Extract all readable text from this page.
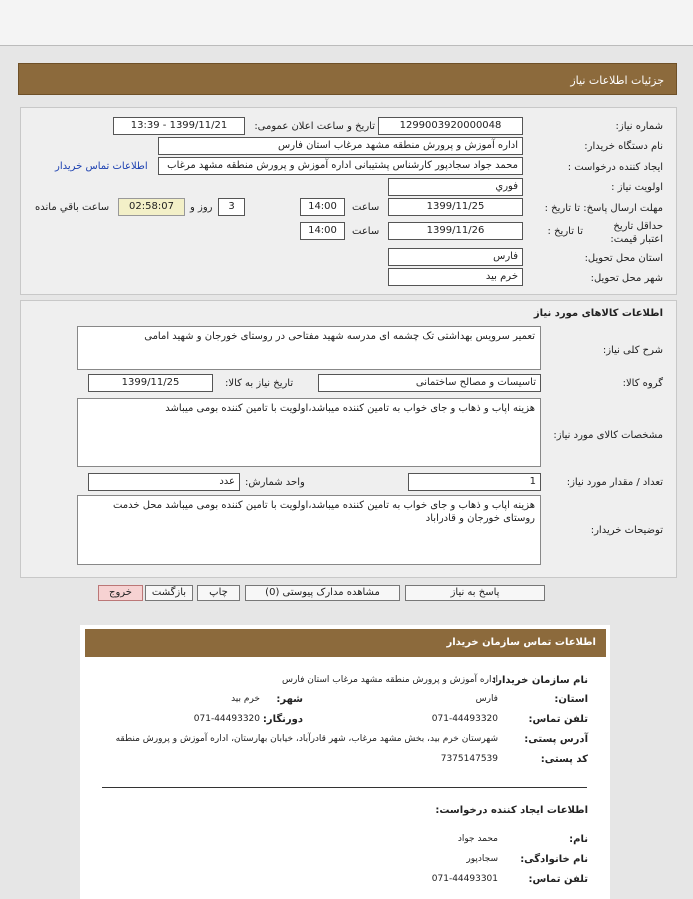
جزئیات اطلاعات نیاز
شماره نیاز:
1299003920000048
تاریخ و ساعت اعلان عمومی:
1399/11/21 - 13:39
نام دستگاه خریدار:
اداره آموزش و پرورش منطقه مشهد مرغاب استان فارس
ایجاد کننده درخواست :
محمد جواد سجادپور کارشناس پشتیبانی اداره آموزش و پرورش منطقه مشهد مرغاب
اطلاعات تماس خریدار
اولویت نیاز :
فوري
مهلت ارسال پاسخ: تا تاریخ :
1399/11/25
ساعت
14:00
3
روز و
02:58:07
ساعت باقي مانده
حداقل تاریخ اعتبار قیمت:
تا تاریخ :
1399/11/26
ساعت
14:00
استان محل تحویل:
فارس
شهر محل تحویل:
خرم بید
اطلاعات کالاهای مورد نیاز
شرح کلی نیاز:
تعمیر سرویس بهداشتی تک چشمه ای مدرسه شهید مفتاحی در روستای خورجان و شهید امامی
گروه کالا:
تاسیسات و مصالح ساختمانی
تاریخ نیاز به کالا:
1399/11/25
مشخصات کالای مورد نیاز:
هزینه اپاب و ذهاب و جای خواب به تامین کننده میباشد،اولویت با تامین کننده بومی میباشد
تعداد / مقدار مورد نیاز:
1
واحد شمارش:
عدد
توضیحات خریدار:
هزینه اپاب و ذهاب و جای خواب به تامین کننده میباشد،اولویت با تامین کننده بومی میباشد محل خدمت روستای خورجان و قادراباد
پاسخ به نیاز
مشاهده مدارک پیوستی (0)
چاپ
بازگشت
خروج
اطلاعات تماس سازمان خریدار
نام سازمان خریدار:
اداره آموزش و پرورش منطقه مشهد مرغاب استان فارس
استان:
فارس
شهر:
خرم بید
تلفن تماس:
071-44493320
دورنگار:
071-44493320
آدرس پستی:
شهرستان خرم بید، بخش مشهد مرغاب، شهر قادرآباد، خیابان بهارستان، اداره آموزش و پرورش منطقه
کد پستی:
7375147539
اطلاعات ایجاد کننده درخواست:
نام:
محمد جواد
نام خانوادگی:
سجادپور
تلفن تماس:
071-44493301
